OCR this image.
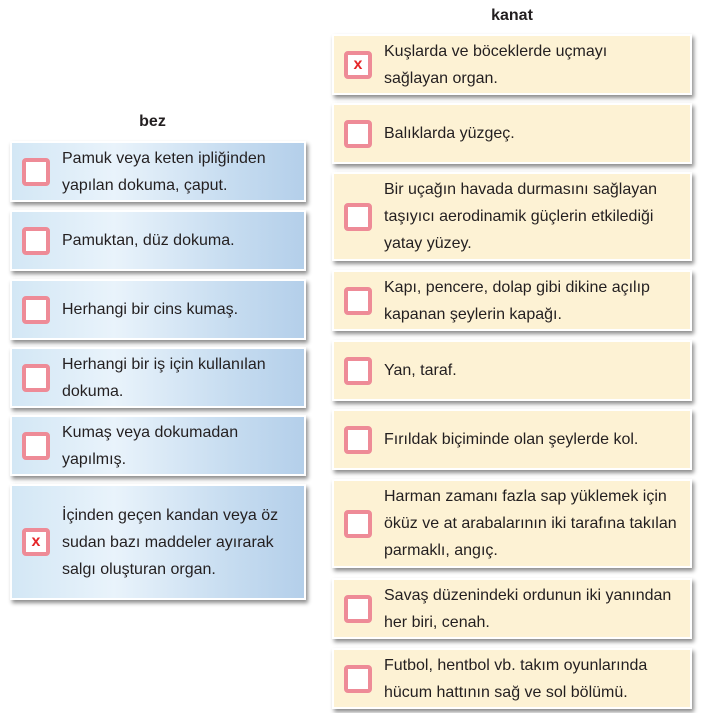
bez
kanat
Pamuk veya keten ipliğinden yapılan dokuma, çaput.
Pamuktan, düz dokuma.
Herhangi bir cins kumaş.
Herhangi bir iş için kullanılan dokuma.
Kumaş veya dokumadan yapılmış.
x
İçinden geçen kandan veya öz sudan bazı maddeler ayırarak salgı oluşturan organ.
x
Kuşlarda ve böceklerde uçmayı sağlayan organ.
Balıklarda yüzgeç.
Bir uçağın havada durmasını sağlayan taşıyıcı aerodinamik güçlerin etkilediği yatay yüzey.
Kapı, pencere, dolap gibi dikine açılıp kapanan şeylerin kapağı.
Yan, taraf.
Fırıldak biçiminde olan şeylerde kol.
Harman zamanı fazla sap yüklemek için öküz ve at arabalarının iki tarafına takılan parmaklı, angıç.
Savaş düzenindeki ordunun iki yanından her biri, cenah.
Futbol, hentbol vb. takım oyunlarında hücum hattının sağ ve sol bölümü.
